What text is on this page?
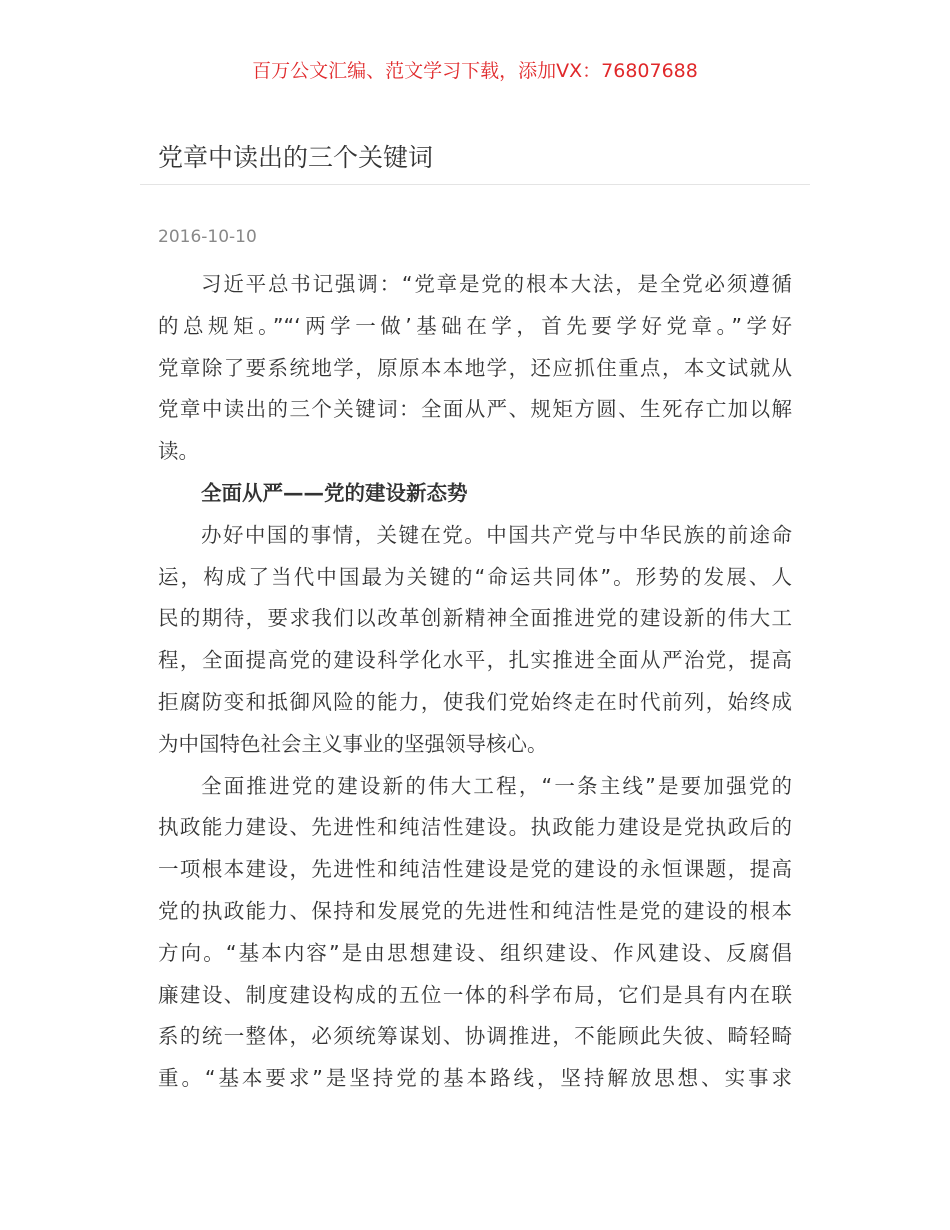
百万公文汇编、范文学习下载，添加VX：76807688
党章中读出的三个关键词
2016-10-10
习近平总书记强调：“党章是党的根本大法，是全党必须遵循
的总规矩。”“‘两学一做’基础在学，首先要学好党章。”学好
党章除了要系统地学，原原本本地学，还应抓住重点，本文试就从
党章中读出的三个关键词：全面从严、规矩方圆、生死存亡加以解
读。
全面从严——党的建设新态势
办好中国的事情，关键在党。中国共产党与中华民族的前途命
运，构成了当代中国最为关键的“命运共同体”。形势的发展、人
民的期待，要求我们以改革创新精神全面推进党的建设新的伟大工
程，全面提高党的建设科学化水平，扎实推进全面从严治党，提高
拒腐防变和抵御风险的能力，使我们党始终走在时代前列，始终成
为中国特色社会主义事业的坚强领导核心。
全面推进党的建设新的伟大工程，“一条主线”是要加强党的
执政能力建设、先进性和纯洁性建设。执政能力建设是党执政后的
一项根本建设，先进性和纯洁性建设是党的建设的永恒课题，提高
党的执政能力、保持和发展党的先进性和纯洁性是党的建设的根本
方向。“基本内容”是由思想建设、组织建设、作风建设、反腐倡
廉建设、制度建设构成的五位一体的科学布局，它们是具有内在联
系的统一整体，必须统筹谋划、协调推进，不能顾此失彼、畸轻畸
重。“基本要求”是坚持党的基本路线，坚持解放思想、实事求
